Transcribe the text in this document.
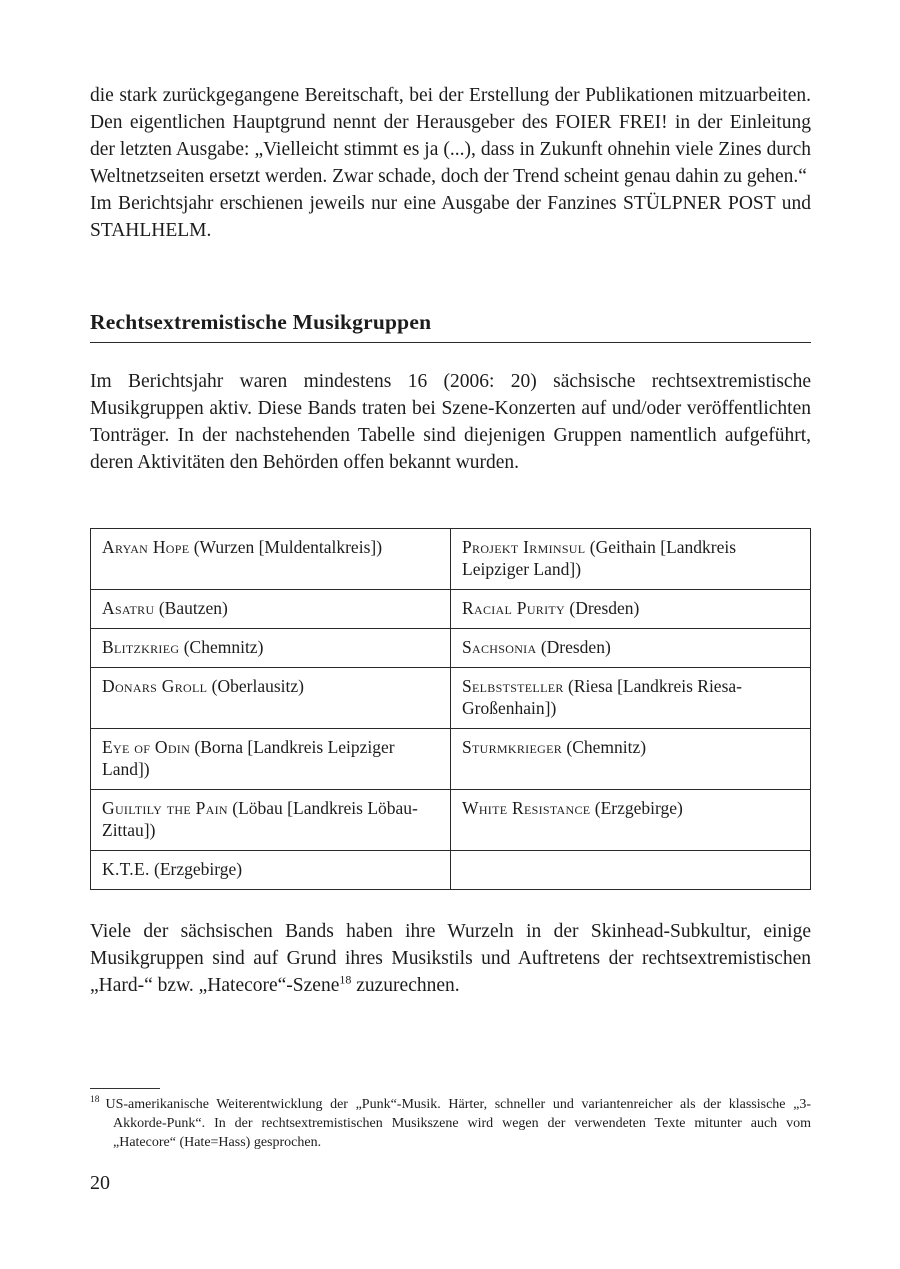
die stark zurückgegangene Bereitschaft, bei der Erstellung der Publikationen mitzuarbeiten. Den eigentlichen Hauptgrund nennt der Herausgeber des FOIER FREI! in der Einleitung der letzten Ausgabe: „Vielleicht stimmt es ja (...), dass in Zukunft ohnehin viele Zines durch Weltnetzseiten ersetzt werden. Zwar schade, doch der Trend scheint genau dahin zu gehen.“

Im Berichtsjahr erschienen jeweils nur eine Ausgabe der Fanzines STÜLPNER POST und STAHLHELM.

Rechtsextremistische Musikgruppen

Im Berichtsjahr waren mindestens 16 (2006: 20) sächsische rechtsextremistische Musikgruppen aktiv. Diese Bands traten bei Szene-Konzerten auf und/oder veröffentlichten Tonträger. In der nachstehenden Tabelle sind diejenigen Gruppen namentlich aufgeführt, deren Aktivitäten den Behörden offen bekannt wurden.

Aryan Hope (Wurzen [Muldentalkreis])	Projekt Irminsul (Geithain [Landkreis Leipziger Land])
Asatru (Bautzen)	Racial Purity (Dresden)
Blitzkrieg (Chemnitz)	Sachsonia (Dresden)
Donars Groll (Oberlausitz)	Selbststeller (Riesa [Landkreis Riesa-Großenhain])
Eye of Odin (Borna [Landkreis Leipziger Land])	Sturmkrieger (Chemnitz)
Guiltily the Pain (Löbau [Landkreis Löbau-Zittau])	White Resistance (Erzgebirge)
K.T.E. (Erzgebirge)	

Viele der sächsischen Bands haben ihre Wurzeln in der Skinhead-Subkultur, einige Musikgruppen sind auf Grund ihres Musikstils und Auftretens der rechtsextremistischen „Hard-“ bzw. „Hatecore“-Szene$^{18}$ zuzurechnen.

$^{18}$ US-amerikanische Weiterentwicklung der „Punk“-Musik. Härter, schneller und variantenreicher als der klassische „3-Akkorde-Punk“. In der rechtsextremistischen Musikszene wird wegen der verwendeten Texte mitunter auch vom „Hatecore“ (Hate=Hass) gesprochen.

20
